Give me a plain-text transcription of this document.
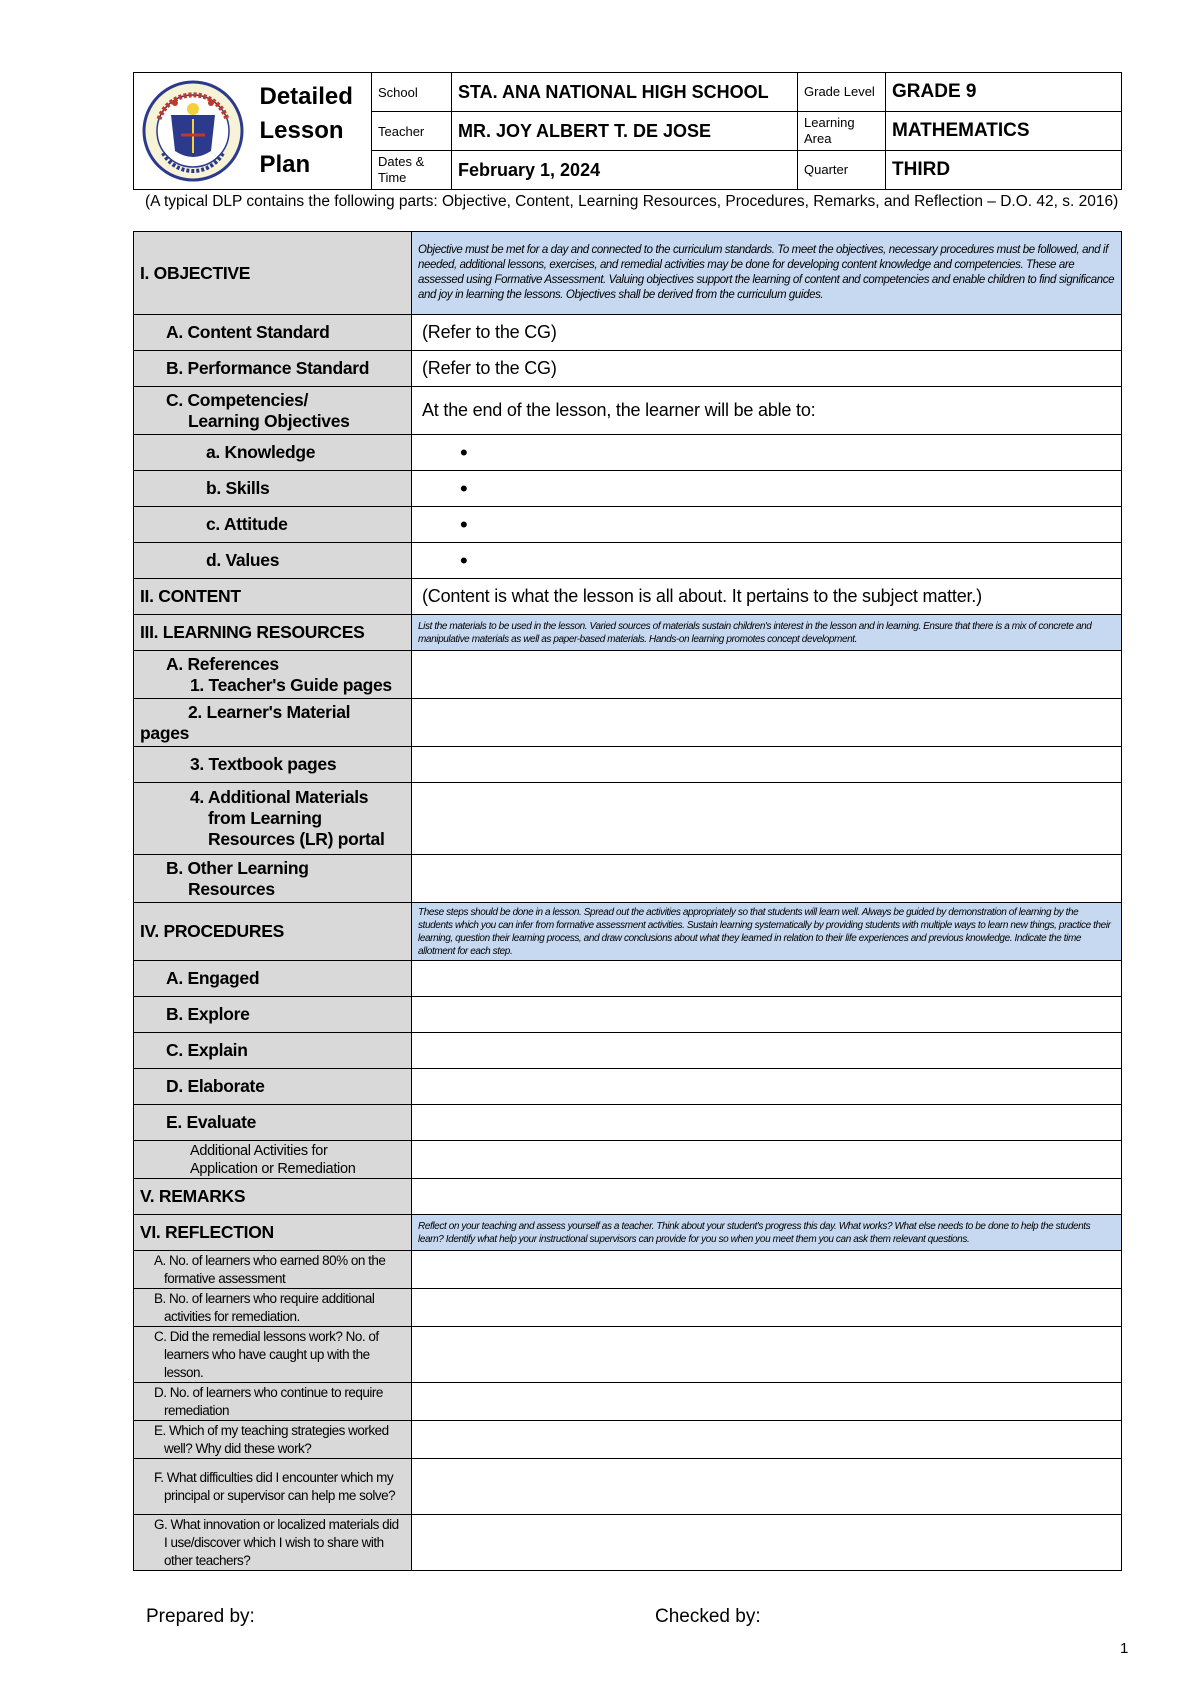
Detailed
Lesson
Plan	School	STA. ANA NATIONAL HIGH SCHOOL	Grade Level	GRADE 9
		Teacher	MR. JOY ALBERT T. DE JOSE	Learning Area	MATHEMATICS
		Dates & Time	February 1, 2024	Quarter	THIRD
(A typical DLP contains the following parts: Objective, Content, Learning Resources, Procedures, Remarks, and Reflection – D.O. 42, s. 2016)
I. OBJECTIVE	Objective must be met for a day and connected to the curriculum standards. To meet the objectives, necessary procedures must be followed, and if needed, additional lessons, exercises, and remedial activities may be done for developing content knowledge and competencies. These are assessed using Formative Assessment. Valuing objectives support the learning of content and competencies and enable children to find significance and joy in learning the lessons. Objectives shall be derived from the curriculum guides.
A. Content Standard	(Refer to the CG)
B. Performance Standard	(Refer to the CG)
C. Competencies/
Learning Objectives	At the end of the lesson, the learner will be able to:
a. Knowledge	•
b. Skills	•
c. Attitude	•
d. Values	•
II. CONTENT	(Content is what the lesson is all about. It pertains to the subject matter.)
III. LEARNING RESOURCES	List the materials to be used in the lesson. Varied sources of materials sustain children's interest in the lesson and in learning. Ensure that there is a mix of concrete and manipulative materials as well as paper-based materials. Hands-on learning promotes concept development.
A. References
1. Teacher's Guide pages	

2. Learner's Material
pages	

3. Textbook pages	
4. Additional Materials
from Learning
Resources (LR) portal	

B. Other Learning
Resources	

IV. PROCEDURES	These steps should be done in a lesson. Spread out the activities appropriately so that students will learn well. Always be guided by demonstration of learning by the students which you can infer from formative assessment activities. Sustain learning systematically by providing students with multiple ways to learn new things, practice their learning, question their learning process, and draw conclusions about what they learned in relation to their life experiences and previous knowledge. Indicate the time allotment for each step.
A. Engaged	
B. Explore	
C. Explain	
D. Elaborate	
E. Evaluate	
Additional Activities for
Application or Remediation	
V. REMARKS	
VI. REFLECTION	Reflect on your teaching and assess yourself as a teacher. Think about your student's progress this day. What works? What else needs to be done to help the students learn? Identify what help your instructional supervisors can provide for you so when you meet them you can ask them relevant questions.
A. No. of learners who earned 80% on the formative assessment	
B. No. of learners who require additional activities for remediation.	
C. Did the remedial lessons work? No. of learners who have caught up with the lesson.	
D. No. of learners who continue to require remediation	
E. Which of my teaching strategies worked well? Why did these work?	
F. What difficulties did I encounter which my principal or supervisor can help me solve?	
G. What innovation or localized materials did I use/discover which I wish to share with other teachers?	
Prepared by:	Checked by:
1
